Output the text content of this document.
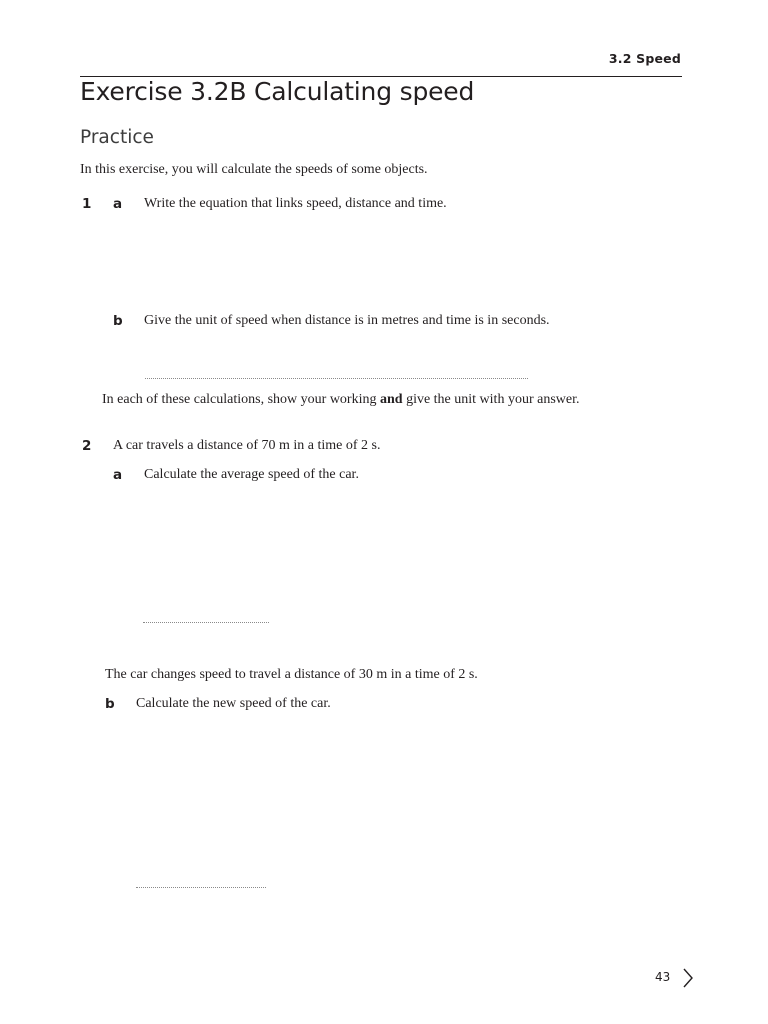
3.2 Speed
Exercise 3.2B Calculating speed
Practice
In this exercise, you will calculate the speeds of some objects.
1 a Write the equation that links speed, distance and time.
b Give the unit of speed when distance is in metres and time is in seconds.
In each of these calculations, show your working and give the unit with your answer.
2 A car travels a distance of 70 m in a time of 2 s.
a Calculate the average speed of the car.
The car changes speed to travel a distance of 30 m in a time of 2 s.
b Calculate the new speed of the car.
43
